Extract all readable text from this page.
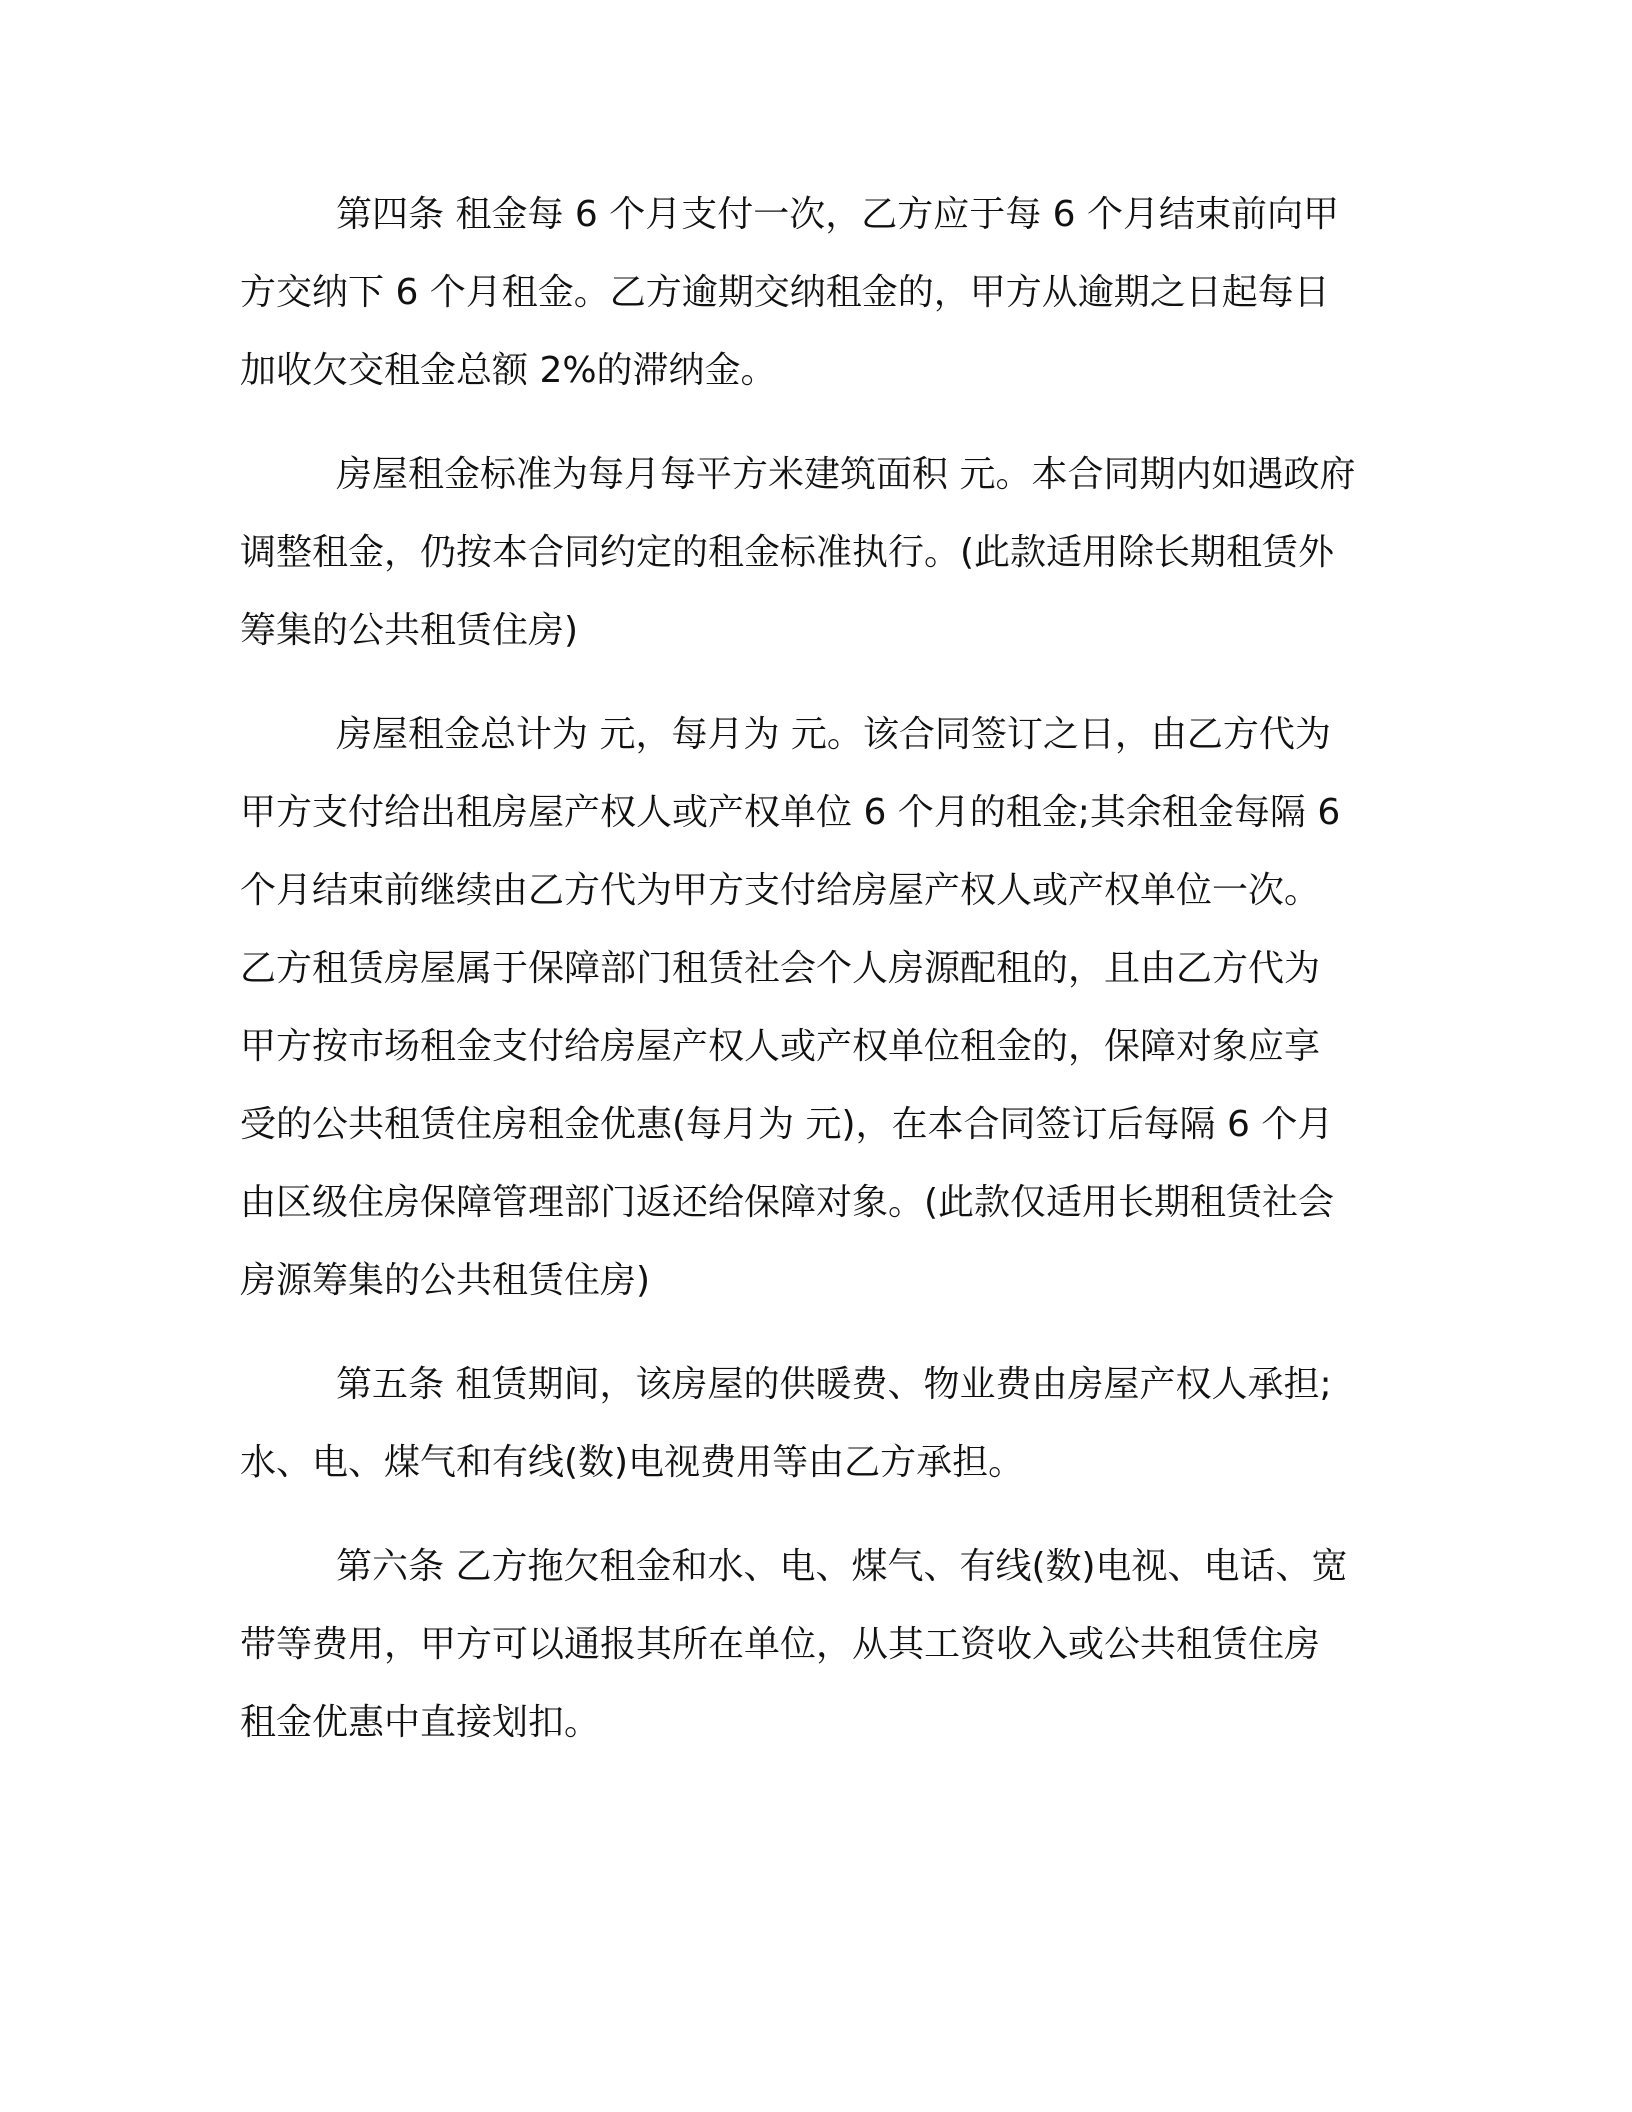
第四条 租金每 6 个月支付一次，乙方应于每 6 个月结束前向甲

方交纳下 6 个月租金。乙方逾期交纳租金的，甲方从逾期之日起每日

加收欠交租金总额 2%的滞纳金。

房屋租金标准为每月每平方米建筑面积 元。本合同期内如遇政府

调整租金，仍按本合同约定的租金标准执行。(此款适用除长期租赁外

筹集的公共租赁住房)

房屋租金总计为 元，每月为 元。该合同签订之日，由乙方代为

甲方支付给出租房屋产权人或产权单位 6 个月的租金;其余租金每隔 6

个月结束前继续由乙方代为甲方支付给房屋产权人或产权单位一次。

乙方租赁房屋属于保障部门租赁社会个人房源配租的，且由乙方代为

甲方按市场租金支付给房屋产权人或产权单位租金的，保障对象应享

受的公共租赁住房租金优惠(每月为 元)，在本合同签订后每隔 6 个月

由区级住房保障管理部门返还给保障对象。(此款仅适用长期租赁社会

房源筹集的公共租赁住房)

第五条 租赁期间，该房屋的供暖费、物业费由房屋产权人承担;

水、电、煤气和有线(数)电视费用等由乙方承担。

第六条 乙方拖欠租金和水、电、煤气、有线(数)电视、电话、宽

带等费用，甲方可以通报其所在单位，从其工资收入或公共租赁住房

租金优惠中直接划扣。
